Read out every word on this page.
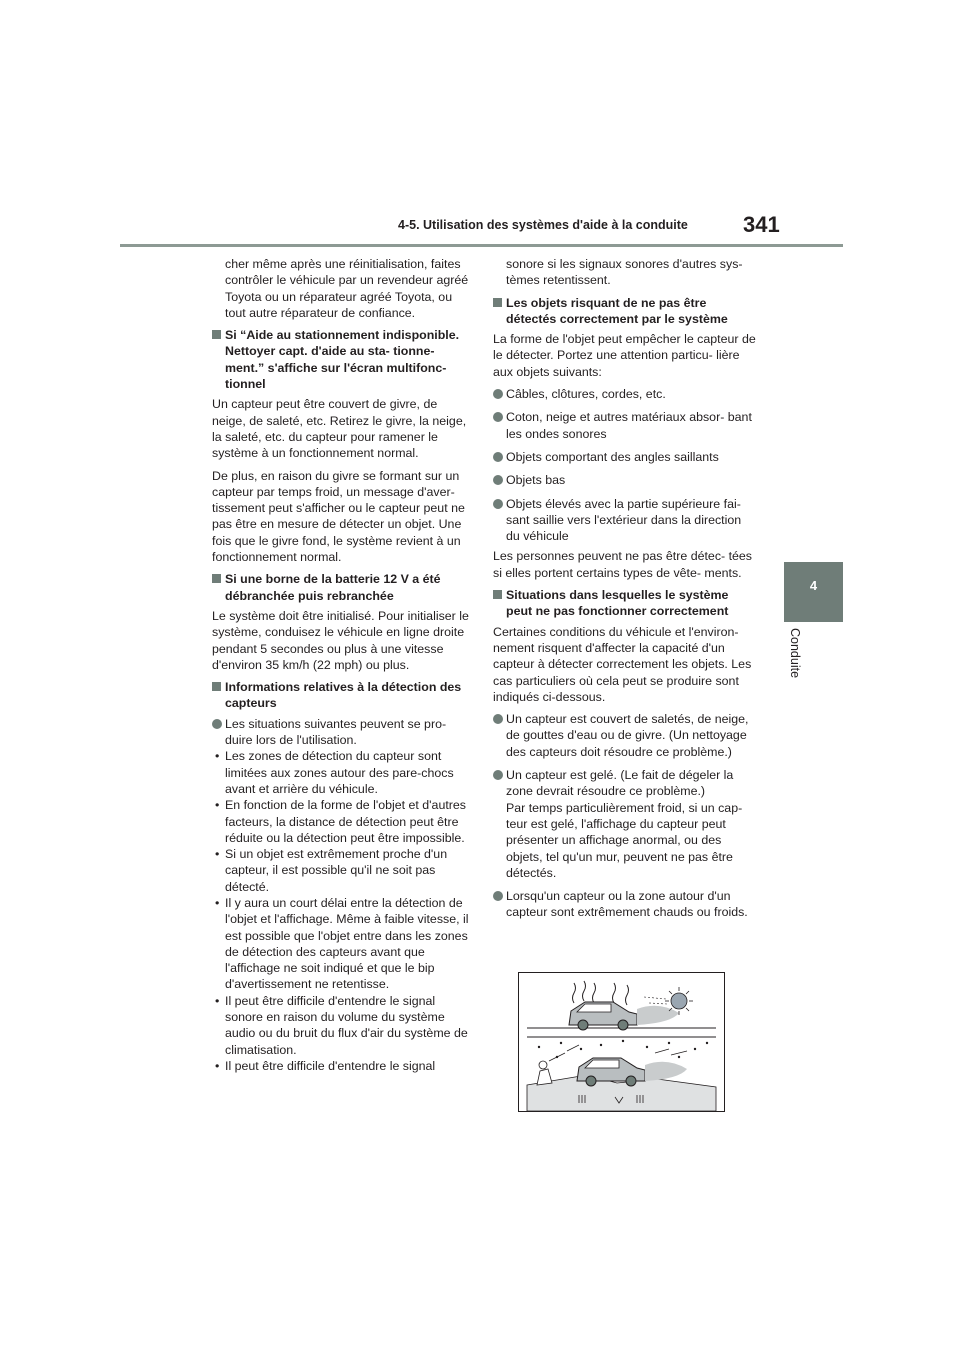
4-5. Utilisation des systèmes d'aide à la conduite	341
4
Conduite
cher même après une réinitialisation, faites contrôler le véhicule par un revendeur agréé Toyota ou un réparateur agréé Toyota, ou tout autre réparateur de confiance.
Si “Aide au stationnement indisponible. Nettoyer capt. d'aide au sta- tionne- ment.” s'affiche sur l'écran multifonc- tionnel
Un capteur peut être couvert de givre, de neige, de saleté, etc. Retirez le givre, la neige, la saleté, etc. du capteur pour ramener le système à un fonctionnement normal.
De plus, en raison du givre se formant sur un capteur par temps froid, un message d'aver- tissement peut s'afficher ou le capteur peut ne pas être en mesure de détecter un objet. Une fois que le givre fond, le système revient à un fonctionnement normal.
Si une borne de la batterie 12 V a été débranchée puis rebranchée
Le système doit être initialisé. Pour initialiser le système, conduisez le véhicule en ligne droite pendant 5 secondes ou plus à une vitesse d'environ 35 km/h (22 mph) ou plus.
Informations relatives à la détection des capteurs
Les situations suivantes peuvent se pro- duire lors de l'utilisation.
• Les zones de détection du capteur sont limitées aux zones autour des pare-chocs avant et arrière du véhicule.
• En fonction de la forme de l'objet et d'autres facteurs, la distance de détection peut être réduite ou la détection peut être impossible.
• Si un objet est extrêmement proche d'un capteur, il est possible qu'il ne soit pas détecté.
• Il y aura un court délai entre la détection de l'objet et l'affichage. Même à faible vitesse, il est possible que l'objet entre dans les zones de détection des capteurs avant que l'affichage ne soit indiqué et que le bip d'avertissement ne retentisse.
• Il peut être difficile d'entendre le signal sonore en raison du volume du système audio ou du bruit du flux d'air du système de climatisation.
• Il peut être difficile d'entendre le signal
sonore si les signaux sonores d'autres sys- tèmes retentissent.
Les objets risquant de ne pas être détectés correctement par le système
La forme de l'objet peut empêcher le capteur de le détecter. Portez une attention particu- lière aux objets suivants:
Câbles, clôtures, cordes, etc.
Coton, neige et autres matériaux absor- bant les ondes sonores
Objets comportant des angles saillants
Objets bas
Objets élevés avec la partie supérieure fai- sant saillie vers l'extérieur dans la direction du véhicule
Les personnes peuvent ne pas être détec- tées si elles portent certains types de vête- ments.
Situations dans lesquelles le système peut ne pas fonctionner correctement
Certaines conditions du véhicule et l'environ- nement risquent d'affecter la capacité d'un capteur à détecter correctement les objets. Les cas particuliers où cela peut se produire sont indiqués ci-dessous.
Un capteur est couvert de saletés, de neige, de gouttes d'eau ou de givre. (Un nettoyage des capteurs doit résoudre ce problème.)
Un capteur est gelé. (Le fait de dégeler la zone devrait résoudre ce problème.)
Par temps particulièrement froid, si un cap- teur est gelé, l'affichage du capteur peut présenter un affichage anormal, ou des objets, tel qu'un mur, peuvent ne pas être détectés.
Lorsqu'un capteur ou la zone autour d'un capteur sont extrêmement chauds ou froids.
